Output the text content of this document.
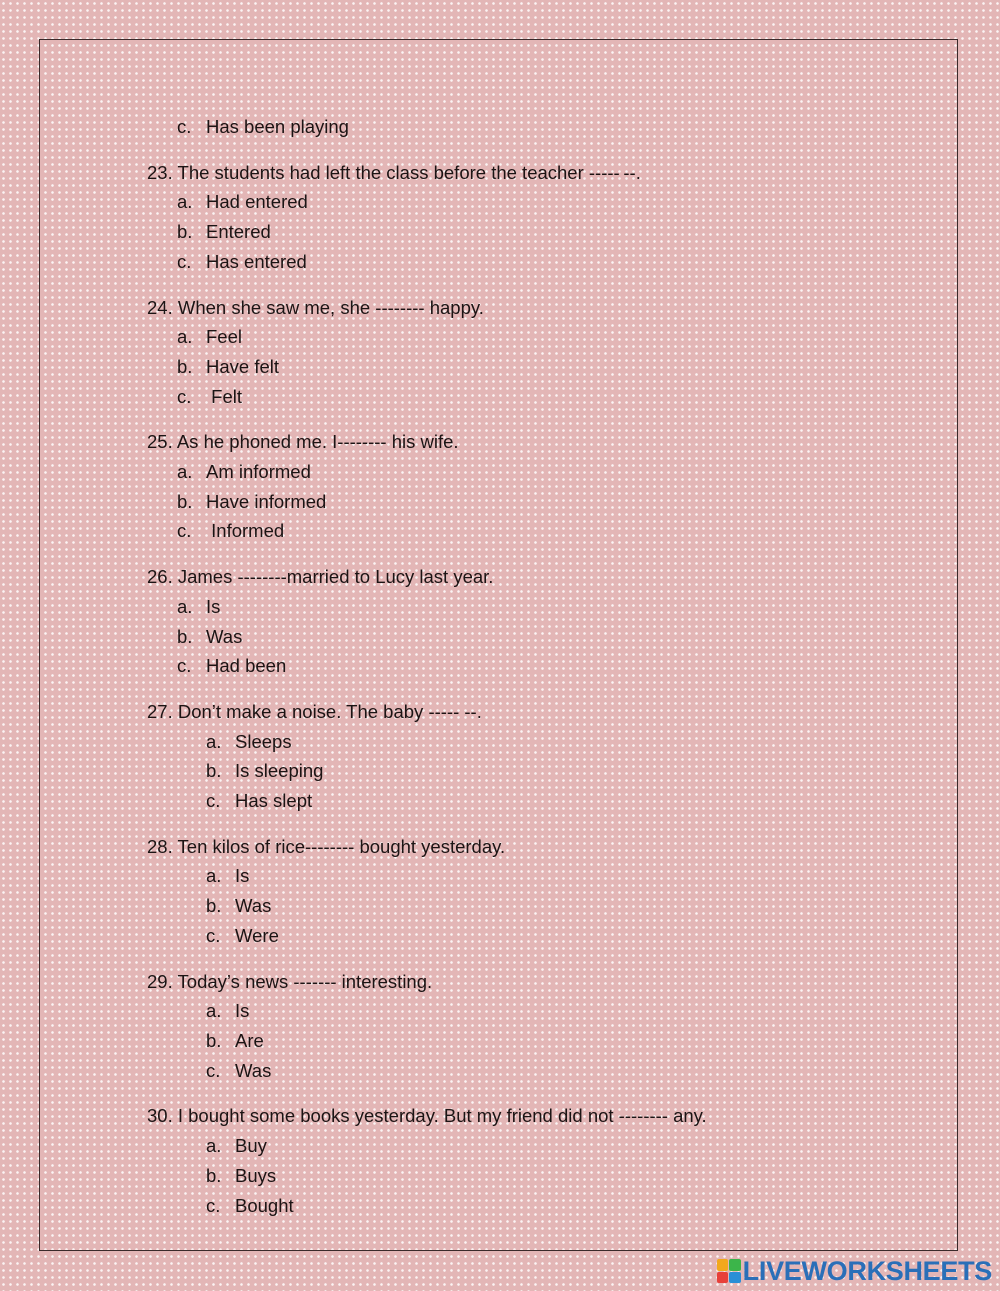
c. Has been playing
23. The students had left the class before the teacher ----- --.
a. Had entered
b. Entered
c. Has entered
24. When she saw me, she -------- happy.
a. Feel
b. Have felt
c. Felt
25. As he phoned me. I-------- his wife.
a. Am informed
b. Have informed
c. Informed
26. James --------married to Lucy last year.
a. Is
b. Was
c. Had been
27. Don’t make a noise. The baby ----- --.
a. Sleeps
b. Is sleeping
c. Has slept
28. Ten kilos of rice-------- bought yesterday.
a. Is
b. Was
c. Were
29. Today’s news ------- interesting.
a. Is
b. Are
c. Was
30. I bought some books yesterday. But my friend did not -------- any.
a. Buy
b. Buys
c. Bought
LIVEWORKSHEETS
